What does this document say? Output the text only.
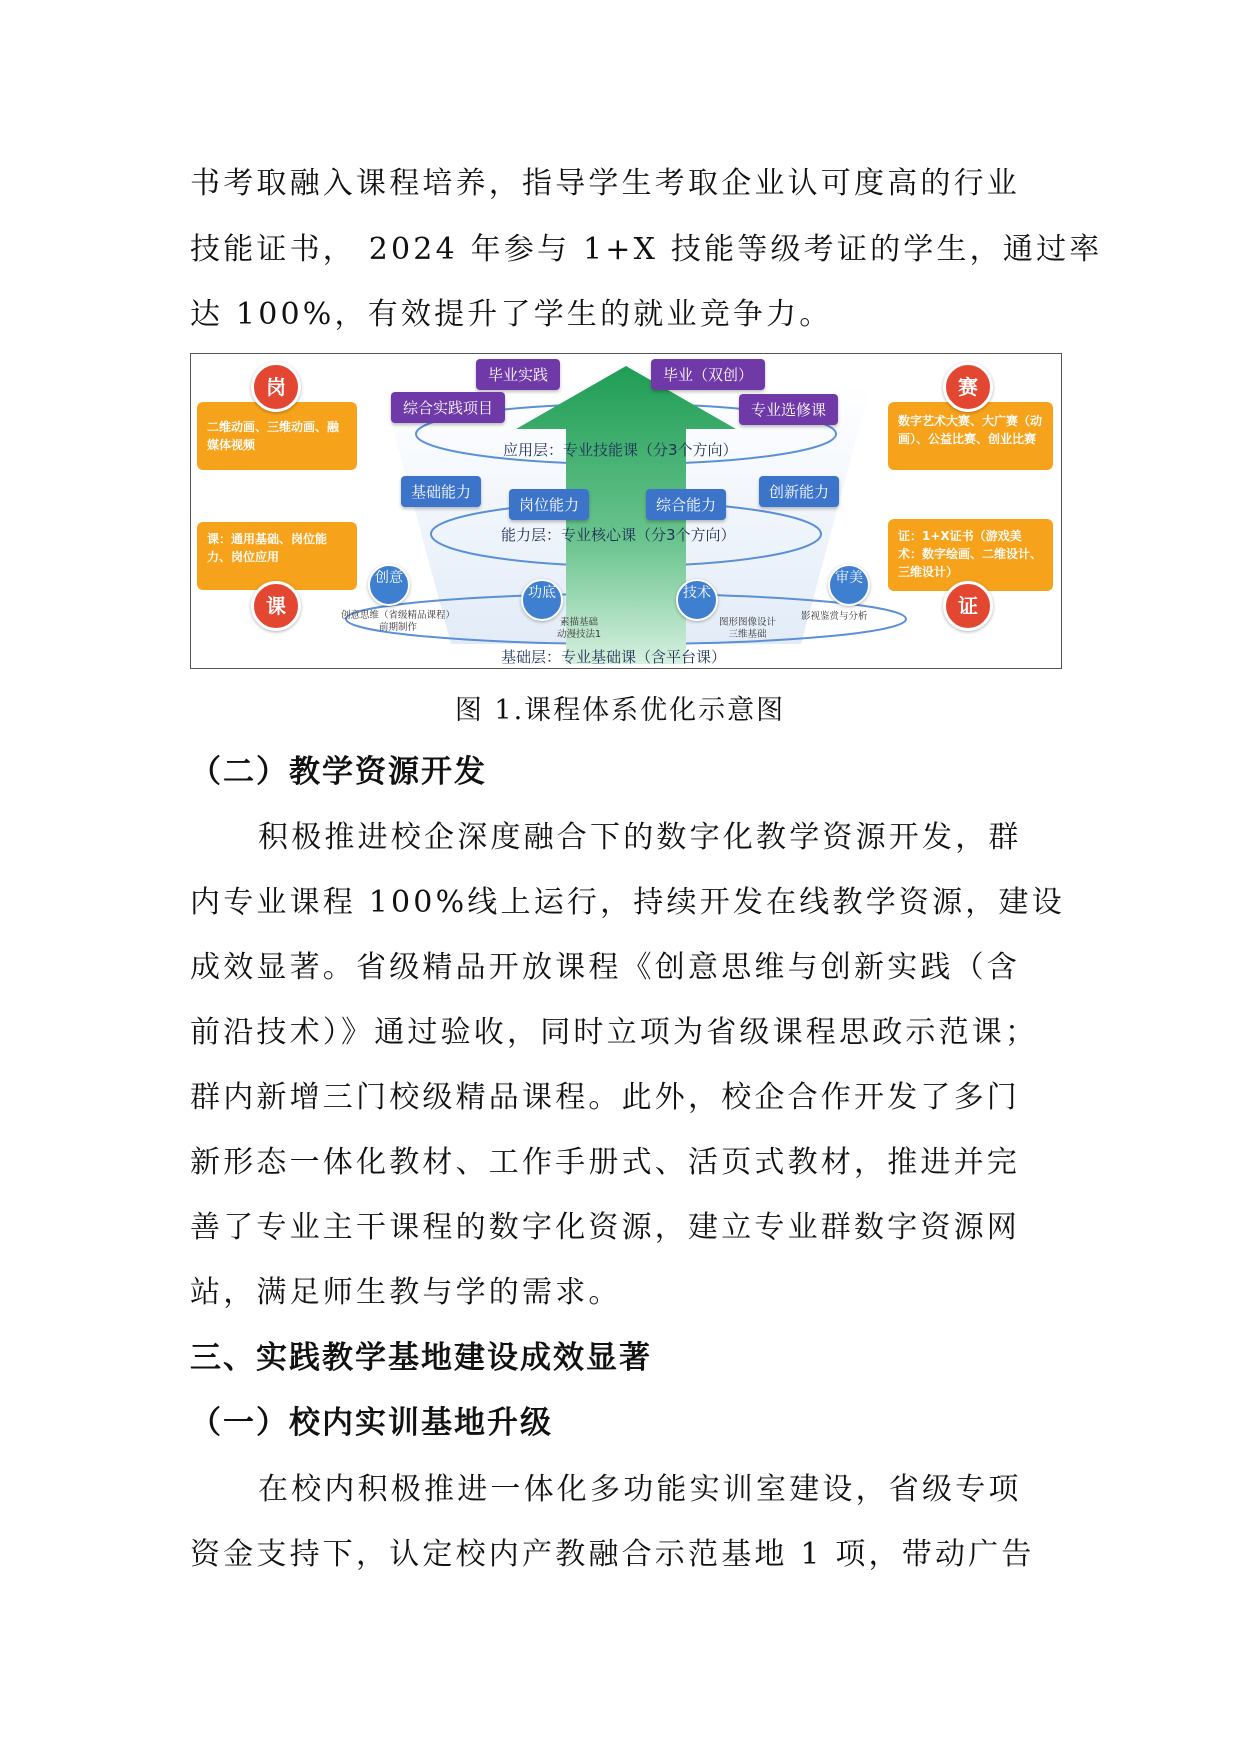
书考取融入课程培养，指导学生考取企业认可度高的行业
技能证书， 2024 年参与 1+X 技能等级考证的学生，通过率
达 100%，有效提升了学生的就业竞争力。
毕业实践	毕业（双创）
综合实践项目	专业选修课
应用层：专业技能课（分3个方向）
基础能力
岗位能力	综合能力
创新能力
能力层：专业核心课（分3个方向）
创意
功底	技术
审美
创意思维（省级精品课程）
前期制作	素描基础
动漫技法1
图形图像设计
三维基础
影视鉴赏与分析
基础层：专业基础课（含平台课）
二维动画、三维动画、融媒体视频
岗
课：通用基础、岗位能力、岗位应用
课
数字艺术大赛、大广赛（动画）、公益比赛、创业比赛
赛
证：1+X证书（游戏美术：数字绘画、二维设计、三维设计）
证
图 1.课程体系优化示意图
（二）教学资源开发
积极推进校企深度融合下的数字化教学资源开发，群
内专业课程 100%线上运行，持续开发在线教学资源，建设
成效显著。省级精品开放课程《创意思维与创新实践（含
前沿技术）》通过验收，同时立项为省级课程思政示范课；
群内新增三门校级精品课程。此外，校企合作开发了多门
新形态一体化教材、工作手册式、活页式教材，推进并完
善了专业主干课程的数字化资源，建立专业群数字资源网
站，满足师生教与学的需求。
三、实践教学基地建设成效显著
（一）校内实训基地升级
在校内积极推进一体化多功能实训室建设，省级专项
资金支持下，认定校内产教融合示范基地 1 项，带动广告
